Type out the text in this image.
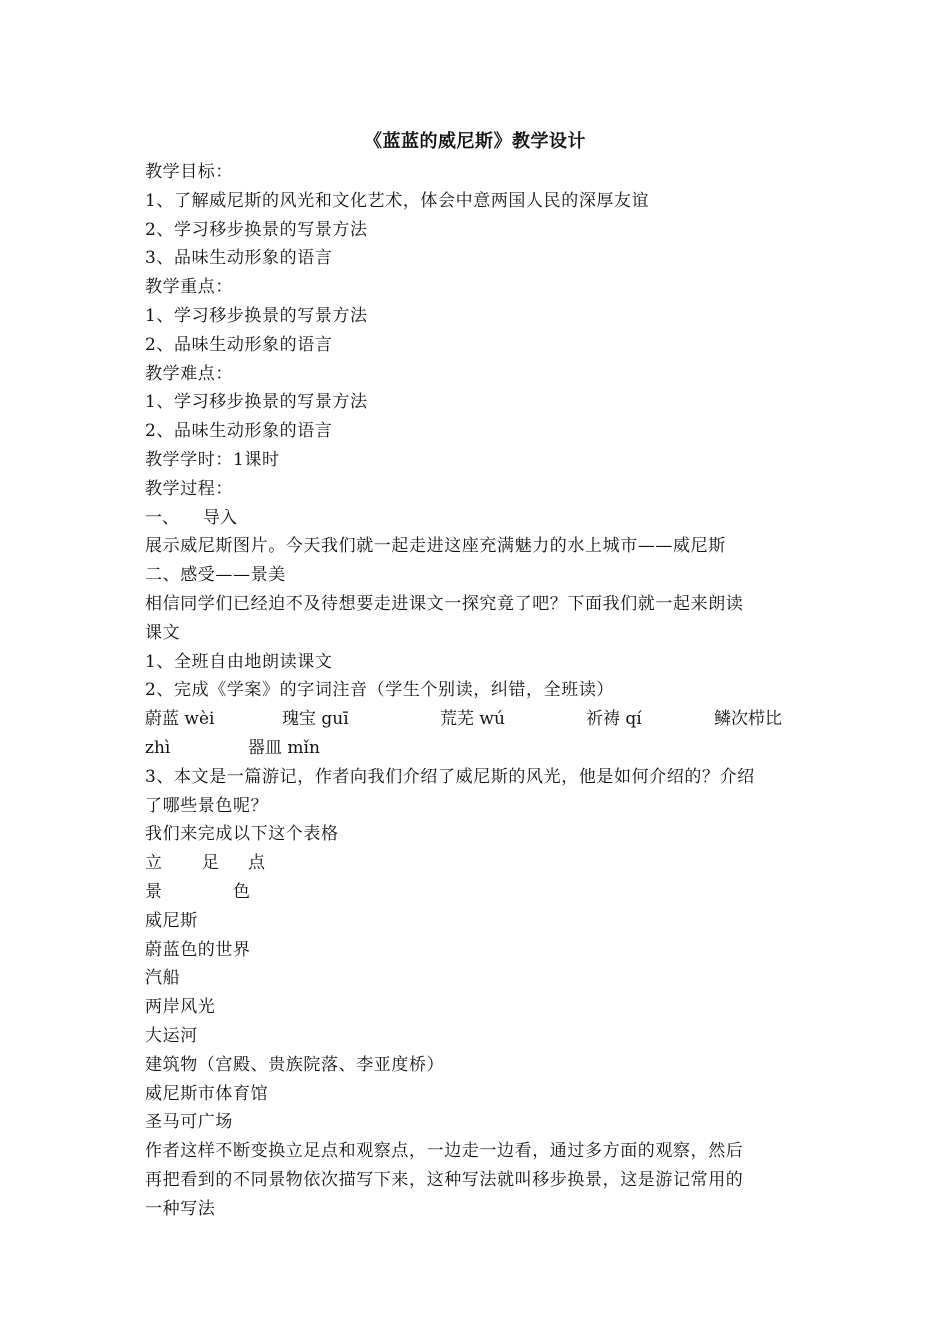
《蓝蓝的威尼斯》教学设计
教学目标：
1、了解威尼斯的风光和文化艺术，体会中意两国人民的深厚友谊
2、学习移步换景的写景方法
3、品味生动形象的语言
教学重点：
1、学习移步换景的写景方法
2、品味生动形象的语言
教学难点：
1、学习移步换景的写景方法
2、品味生动形象的语言
教学学时：1课时
教学过程：
一、	导入
展示威尼斯图片。今天我们就一起走进这座充满魅力的水上城市——威尼斯
二、感受——景美
相信同学们已经迫不及待想要走进课文一探究竟了吧？下面我们就一起来朗读
课文
1、全班自由地朗读课文
2、完成《学案》的字词注音（学生个别读，纠错，全班读）
蔚蓝 wèi	瑰宝 guī	荒芜 wú	祈祷 qí	鳞次栉比
zhì	器皿 mǐn
3、本文是一篇游记，作者向我们介绍了威尼斯的风光，他是如何介绍的？介绍
了哪些景色呢？
我们来完成以下这个表格
立	足	点
景	色
威尼斯
蔚蓝色的世界
汽船
两岸风光
大运河
建筑物（宫殿、贵族院落、李亚度桥）
威尼斯市体育馆
圣马可广场
作者这样不断变换立足点和观察点，一边走一边看，通过多方面的观察，然后
再把看到的不同景物依次描写下来，这种写法就叫移步换景，这是游记常用的
一种写法
